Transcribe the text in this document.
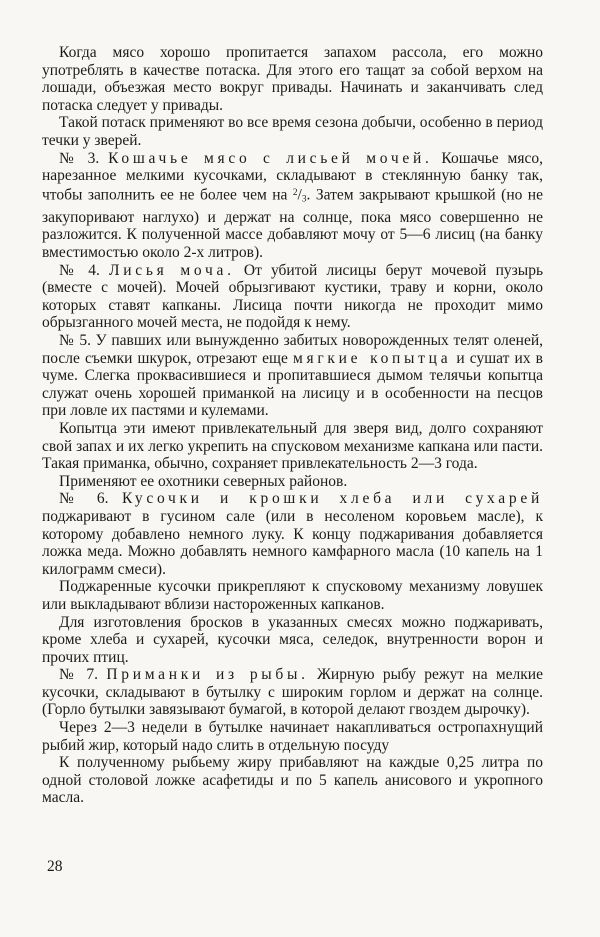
Когда мясо хорошо пропитается запахом рассола, его можно употреблять в качестве потаска. Для этого его тащат за собой верхом на лошади, объезжая место вокруг привады. Начинать и заканчивать след потаска следует у привады.

Такой потаск применяют во все время сезона добычи, особенно в период течки у зверей.

№ 3. Кошачье мясо с лисьей мочей. Кошачье мясо, нарезанное мелкими кусочками, складывают в стеклянную банку так, чтобы заполнить ее не более чем на $^2$/3. Затем закрывают крышкой (но не закупоривают наглухо) и держат на солнце, пока мясо совершенно не разложится. К полученной массе добавляют мочу от 5—6 лисиц (на банку вместимостью около 2-х литров).

№ 4. Лисья моча. От убитой лисицы берут мочевой пузырь (вместе с мочей). Мочей обрызгивают кустики, траву и корни, около которых ставят капканы. Лисица почти никогда не проходит мимо обрызганного мочей места, не подойдя к нему.

№ 5. У павших или вынужденно забитых новорожденных телят оленей, после съемки шкурок, отрезают еще мягкие копытца и сушат их в чуме. Слегка проквасившиеся и пропитавшиеся дымом телячьи копытца служат очень хорошей приманкой на лисицу и в особенности на песцов при ловле их пастями и кулемами.

Копытца эти имеют привлекательный для зверя вид, долго сохраняют свой запах и их легко укрепить на спусковом механизме капкана или пасти. Такая приманка, обычно, сохраняет привлекательность 2—3 года.

Применяют ее охотники северных районов.

№ 6. Кусочки и крошки хлеба или сухарей поджаривают в гусином сале (или в несоленом коровьем масле), к которому добавлено немного луку. К концу поджаривания добавляется ложка меда. Можно добавлять немного камфарного масла (10 капель на 1 килограмм смеси).

Поджаренные кусочки прикрепляют к спусковому механизму ловушек или выкладывают вблизи настороженных капканов.

Для изготовления бросков в указанных смесях можно поджаривать, кроме хлеба и сухарей, кусочки мяса, селедок, внутренности ворон и прочих птиц.

№ 7. Приманки из рыбы. Жирную рыбу режут на мелкие кусочки, складывают в бутылку с широким горлом и держат на солнце. (Горло бутылки завязывают бумагой, в которой делают гвоздем дырочку).

Через 2—3 недели в бутылке начинает накапливаться остропахнущий рыбий жир, который надо слить в отдельную посуду

К полученному рыбьему жиру прибавляют на каждые 0,25 литра по одной столовой ложке асафетиды и по 5 капель анисового и укропного масла.

28
